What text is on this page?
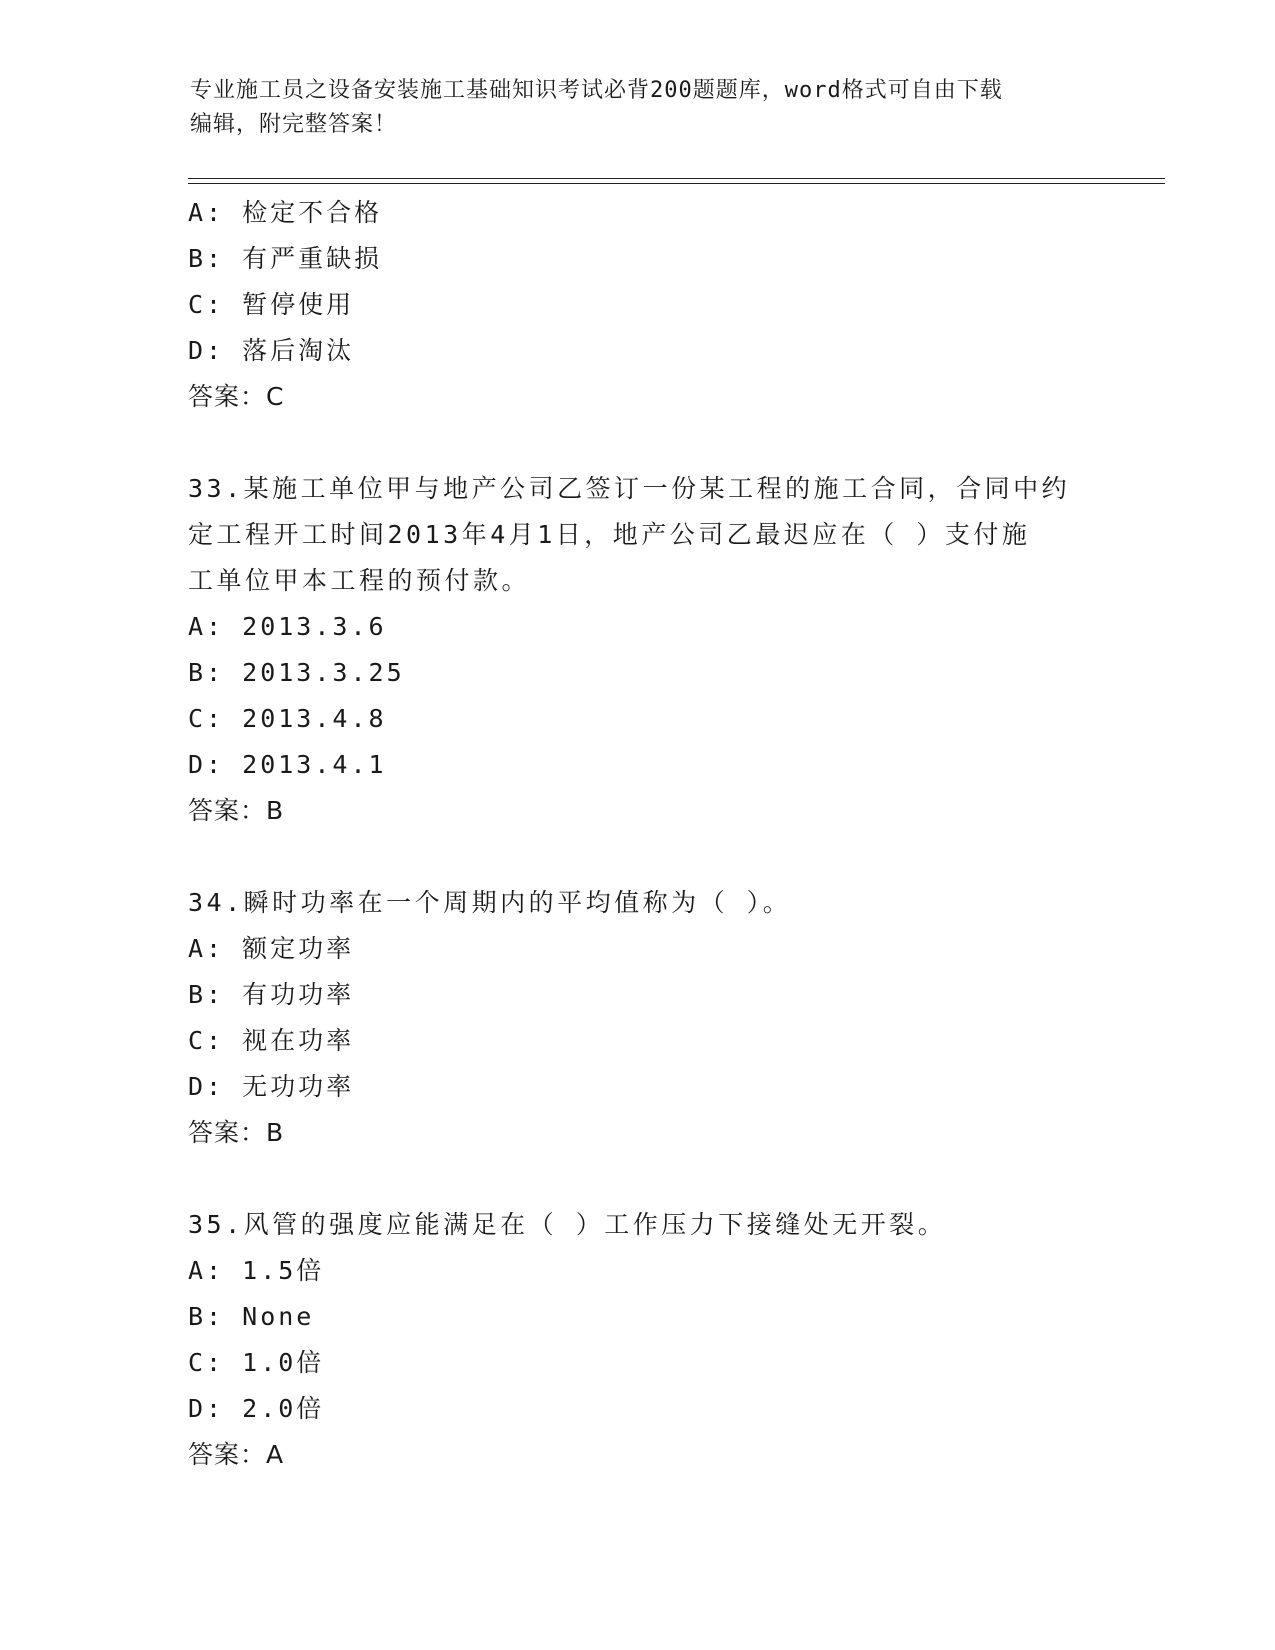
专业施工员之设备安装施工基础知识考试必背200题题库，word格式可自由下载
编辑，附完整答案！
A: 检定不合格
B: 有严重缺损
C: 暂停使用
D: 落后淘汰
答案：C
33.某施工单位甲与地产公司乙签订一份某工程的施工合同，合同中约
定工程开工时间2013年4月1日，地产公司乙最迟应在（ ）支付施
工单位甲本工程的预付款。
A: 2013.3.6
B: 2013.3.25
C: 2013.4.8
D: 2013.4.1
答案：B
34.瞬时功率在一个周期内的平均值称为（ ）。
A: 额定功率
B: 有功功率
C: 视在功率
D: 无功功率
答案：B
35.风管的强度应能满足在（ ）工作压力下接缝处无开裂。
A: 1.5倍
B: None
C: 1.0倍
D: 2.0倍
答案：A
